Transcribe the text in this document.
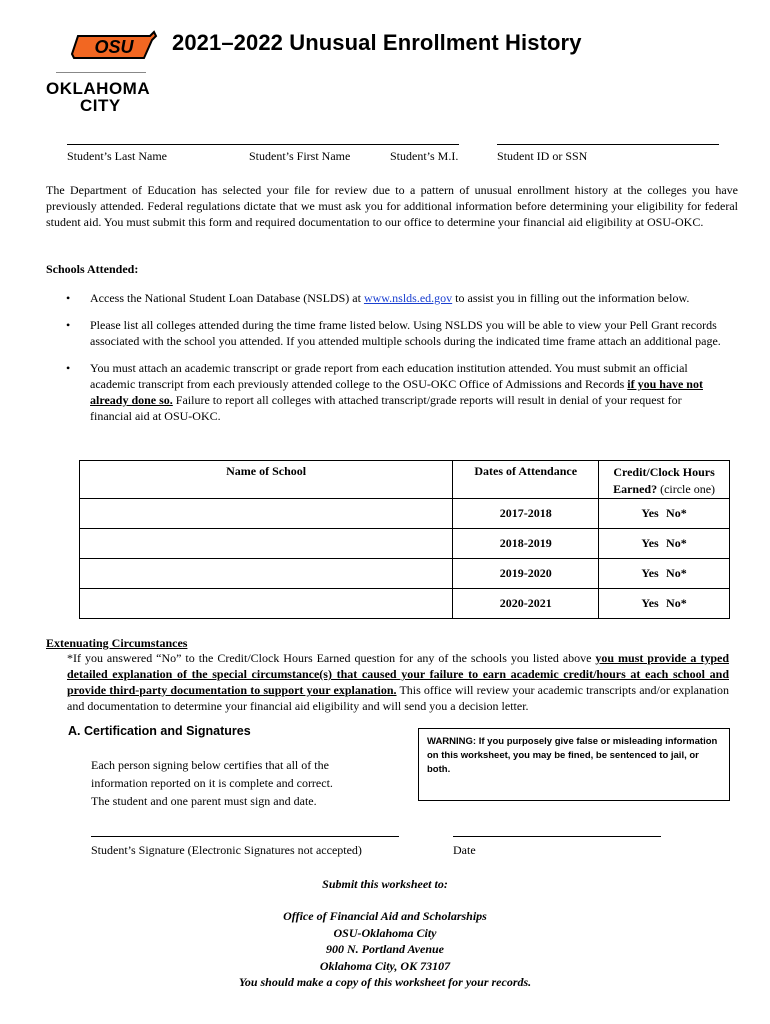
OSU
OKLAHOMA
CITY
2021–2022 Unusual Enrollment History
Student’s Last Name	Student’s First Name	Student’s M.I.	Student ID or SSN
The Department of Education has selected your file for review due to a pattern of unusual enrollment history at the colleges you have previously attended. Federal regulations dictate that we must ask you for additional information before determining your eligibility for federal student aid. You must submit this form and required documentation to our office to determine your financial aid eligibility at OSU-OKC.
Schools Attended:
• Access the National Student Loan Database (NSLDS) at www.nslds.ed.gov to assist you in filling out the information below.
• Please list all colleges attended during the time frame listed below. Using NSLDS you will be able to view your Pell Grant records associated with the school you attended. If you attended multiple schools during the indicated time frame attach an additional page.
• You must attach an academic transcript or grade report from each education institution attended. You must submit an official academic transcript from each previously attended college to the OSU-OKC Office of Admissions and Records if you have not already done so. Failure to report all colleges with attached transcript/grade reports will result in denial of your request for financial aid at OSU-OKC.
Name of School	Dates of Attendance	Credit/Clock Hours
Earned? (circle one)

	2017-2018	Yes No*
	2018-2019	Yes No*
	2019-2020	Yes No*
	2020-2021	Yes No*
Extenuating Circumstances
*If you answered “No” to the Credit/Clock Hours Earned question for any of the schools you listed above you must provide a typed detailed explanation of the special circumstance(s) that caused your failure to earn academic credit/hours at each school and provide third-party documentation to support your explanation. This office will review your academic transcripts and/or explanation and documentation to determine your financial aid eligibility and will send you a decision letter.
A. Certification and Signatures
Each person signing below certifies that all of the
information reported on it is complete and correct.
The student and one parent must sign and date.
WARNING: If you purposely give false or misleading information on this worksheet, you may be fined, be sentenced to jail, or both.
Student’s Signature (Electronic Signatures not accepted)	Date
Submit this worksheet to:
Office of Financial Aid and Scholarships
OSU-Oklahoma City
900 N. Portland Avenue
Oklahoma City, OK 73107
You should make a copy of this worksheet for your records.
